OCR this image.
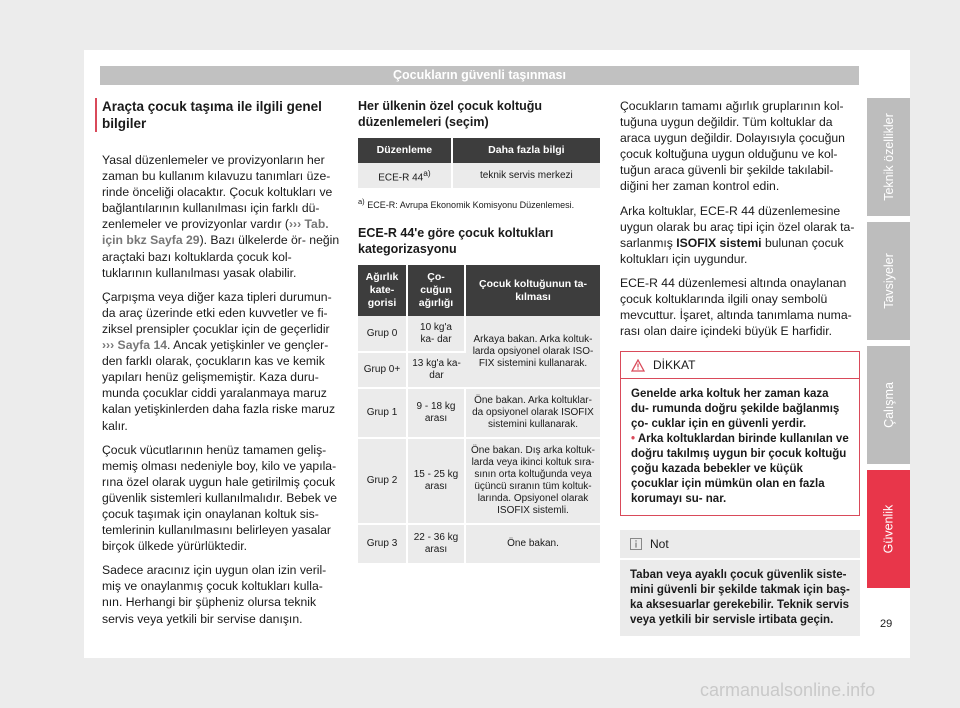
Çocukların güvenli taşınması
Araçta çocuk taşıma ile ilgili genel bilgiler

Yasal düzenlemeler ve provizyonların her zaman bu kullanım kılavuzu tanımları üze- rinde önceliği olacaktır. Çocuk koltukları ve bağlantılarının kullanılması için farklı dü- zenlemeler ve provizyonlar vardır (››› Tab. için bkz Sayfa 29). Bazı ülkelerde ör- neğin araçtaki bazı koltuklarda çocuk kol- tuklarının kullanılması yasak olabilir.

Çarpışma veya diğer kaza tipleri durumun- da araç üzerinde etki eden kuvvetler ve fi- ziksel prensipler çocuklar için de geçerlidir ››› Sayfa 14. Ancak yetişkinler ve gençler- den farklı olarak, çocukların kas ve kemik yapıları henüz gelişmemiştir. Kaza duru- munda çocuklar ciddi yaralanmaya maruz kalan yetişkinlerden daha fazla riske maruz kalır.

Çocuk vücutlarının henüz tamamen geliş- memiş olması nedeniyle boy, kilo ve yapıla- rına özel olarak uygun hale getirilmiş çocuk güvenlik sistemleri kullanılmalıdır. Bebek ve çocuk taşımak için onaylanan koltuk sis- temlerinin kullanılmasını belirleyen yasalar birçok ülkede yürürlüktedir.

Sadece aracınız için uygun olan izin veril- miş ve onaylanmış çocuk koltukları kulla- nın. Herhangi bir şüpheniz olursa teknik servis veya yetkili bir servise danışın.

Her ülkenin özel çocuk koltuğu düzenlemeleri (seçim)
Düzenleme	Daha fazla bilgi
ECE-R 44$^{a)}$	teknik servis merkezi
$^{a)}$ ECE-R: Avrupa Ekonomik Komisyonu Düzenlemesi.
ECE-R 44'e göre çocuk koltukları kategorizasyonu
Ağırlık kate- gorisi	Ço- cuğun ağırlığı	Çocuk koltuğunun ta- kılması
Grup 0	10 kg'a ka- dar	Arkaya bakan. Arka koltuk- larda opsiyonel olarak ISO- FIX sistemini kullanarak.
Grup 0+	13 kg'a ka- dar	
Grup 1	9 - 18 kg arası	Öne bakan. Arka koltuklar- da opsiyonel olarak ISOFIX sistemini kullanarak.
Grup 2	15 - 25 kg arası	Öne bakan. Dış arka koltuk- larda veya ikinci koltuk sıra- sının orta koltuğunda veya üçüncü sıranın tüm koltuk- larında. Opsiyonel olarak ISOFIX sistemli.
Grup 3	22 - 36 kg arası	Öne bakan.

Çocukların tamamı ağırlık gruplarının kol- tuğuna uygun değildir. Tüm koltuklar da araca uygun değildir. Dolayısıyla çocuğun çocuk koltuğuna uygun olduğunu ve kol- tuğun araca güvenli bir şekilde takılabil- diğini her zaman kontrol edin.

Arka koltuklar, ECE-R 44 düzenlemesine uygun olarak bu araç tipi için özel olarak ta- sarlanmış ISOFIX sistemi bulunan çocuk koltukları için uygundur.

ECE-R 44 düzenlemesi altında onaylanan çocuk koltuklarında ilgili onay sembolü mevcuttur. İşaret, altında tanımlama numa- rası olan daire içindeki büyük E harfidir.

DİKKAT
Genelde arka koltuk her zaman kaza du- rumunda doğru şekilde bağlanmış ço- cuklar için en güvenli yerdir.
• Arka koltuklardan birinde kullanılan ve doğru takılmış uygun bir çocuk koltuğu çoğu kazada bebekler ve küçük çocuklar için mümkün olan en fazla korumayı su- nar.
Not
Taban veya ayaklı çocuk güvenlik siste- mini güvenli bir şekilde takmak için baş- ka aksesuarlar gerekebilir. Teknik servis veya yetkili bir servisle irtibata geçin.
Teknik özellikler
Tavsiyeler
Çalışma
Güvenlik
29
carmanualsonline.info
